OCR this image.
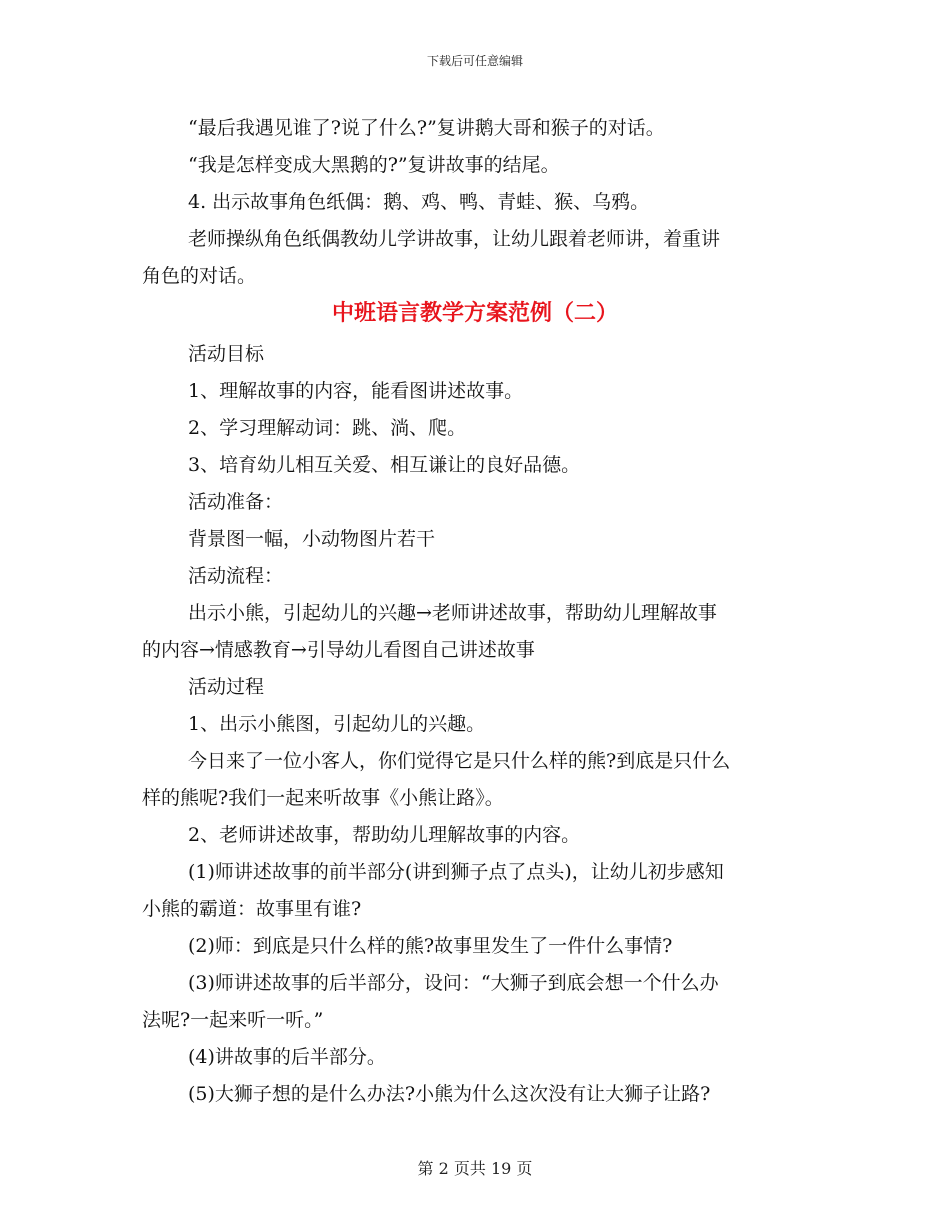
下载后可任意编辑
“最后我遇见谁了?说了什么?”复讲鹅大哥和猴子的对话。
“我是怎样变成大黑鹅的?”复讲故事的结尾。
4. 出示故事角色纸偶：鹅、鸡、鸭、青蛙、猴、乌鸦。
老师操纵角色纸偶教幼儿学讲故事，让幼儿跟着老师讲，着重讲
角色的对话。
中班语言教学方案范例（二）
活动目标
1、理解故事的内容，能看图讲述故事。
2、学习理解动词：跳、淌、爬。
3、培育幼儿相互关爱、相互谦让的良好品德。
活动准备：
背景图一幅，小动物图片若干
活动流程：
出示小熊，引起幼儿的兴趣→老师讲述故事，帮助幼儿理解故事
的内容→情感教育→引导幼儿看图自己讲述故事
活动过程
1、出示小熊图，引起幼儿的兴趣。
今日来了一位小客人，你们觉得它是只什么样的熊?到底是只什么
样的熊呢?我们一起来听故事《小熊让路》。
2、老师讲述故事，帮助幼儿理解故事的内容。
(1)师讲述故事的前半部分(讲到狮子点了点头)，让幼儿初步感知
小熊的霸道：故事里有谁?
(2)师：到底是只什么样的熊?故事里发生了一件什么事情?
(3)师讲述故事的后半部分，设问：“大狮子到底会想一个什么办
法呢?一起来听一听。”
(4)讲故事的后半部分。
(5)大狮子想的是什么办法?小熊为什么这次没有让大狮子让路?
第 2 页共 19 页
